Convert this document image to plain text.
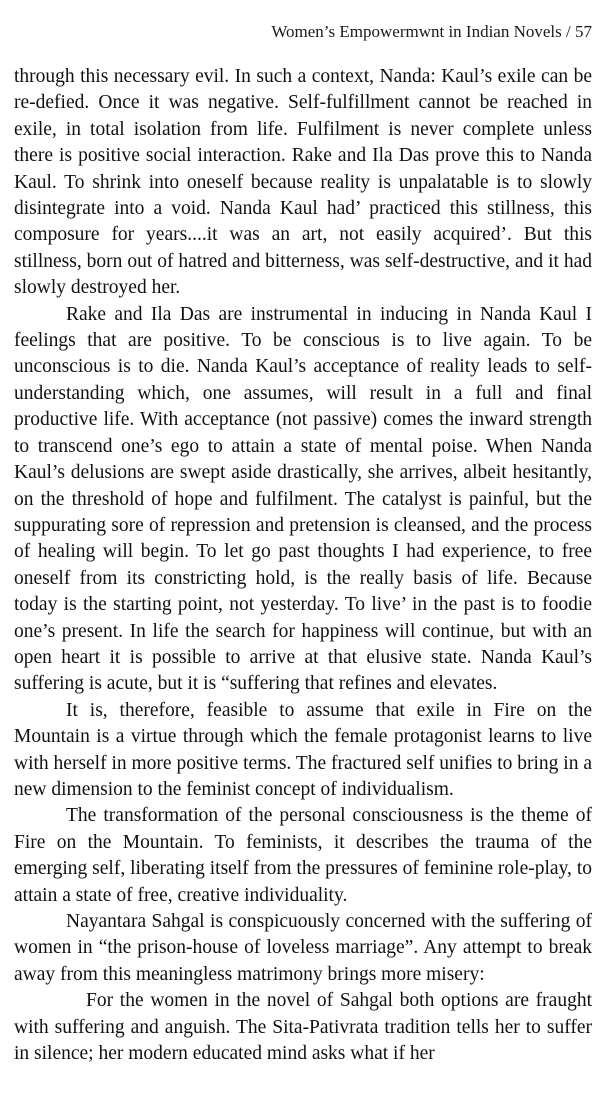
Women’s Empowermwnt in Indian Novels / 57

through this necessary evil. In such a context, Nanda: Kaul’s exile can be re-defied. Once it was negative. Self-fulfillment cannot be reached in exile, in total isolation from life. Fulfilment is never complete unless there is positive social interaction. Rake and Ila Das prove this to Nanda Kaul. To shrink into oneself because reality is unpalatable is to slowly disintegrate into a void. Nanda Kaul had’ practiced this stillness, this composure for years....it was an art, not easily acquired’. But this stillness, born out of hatred and bitterness, was self-destructive, and it had slowly destroyed her.

Rake and Ila Das are instrumental in inducing in Nanda Kaul I feelings that are positive. To be conscious is to live again. To be unconscious is to die. Nanda Kaul’s acceptance of reality leads to self-understanding which, one assumes, will result in a full and final productive life. With acceptance (not passive) comes the inward strength to transcend one’s ego to attain a state of mental poise. When Nanda Kaul’s delusions are swept aside drastically, she arrives, albeit hesitantly, on the threshold of hope and fulfilment. The catalyst is painful, but the suppurating sore of repression and pretension is cleansed, and the process of healing will begin. To let go past thoughts I had experience, to free oneself from its constricting hold, is the really basis of life. Because today is the starting point, not yesterday. To live’ in the past is to foodie one’s present. In life the search for happiness will continue, but with an open heart it is possible to arrive at that elusive state. Nanda Kaul’s suffering is acute, but it is “suffering that refines and elevates.

It is, therefore, feasible to assume that exile in Fire on the Mountain is a virtue through which the female protagonist learns to live with herself in more positive terms. The fractured self unifies to bring in a new dimension to the feminist concept of individualism.

The transformation of the personal consciousness is the theme of Fire on the Mountain. To feminists, it describes the trauma of the emerging self, liberating itself from the pressures of feminine role-play, to attain a state of free, creative individuality.

Nayantara Sahgal is conspicuously concerned with the suffering of women in “the prison-house of loveless marriage”. Any attempt to break away from this meaningless matrimony brings more misery:

For the women in the novel of Sahgal both options are fraught with suffering and anguish. The Sita-Pativrata tradition tells her to suffer in silence; her modern educated mind asks what if her
